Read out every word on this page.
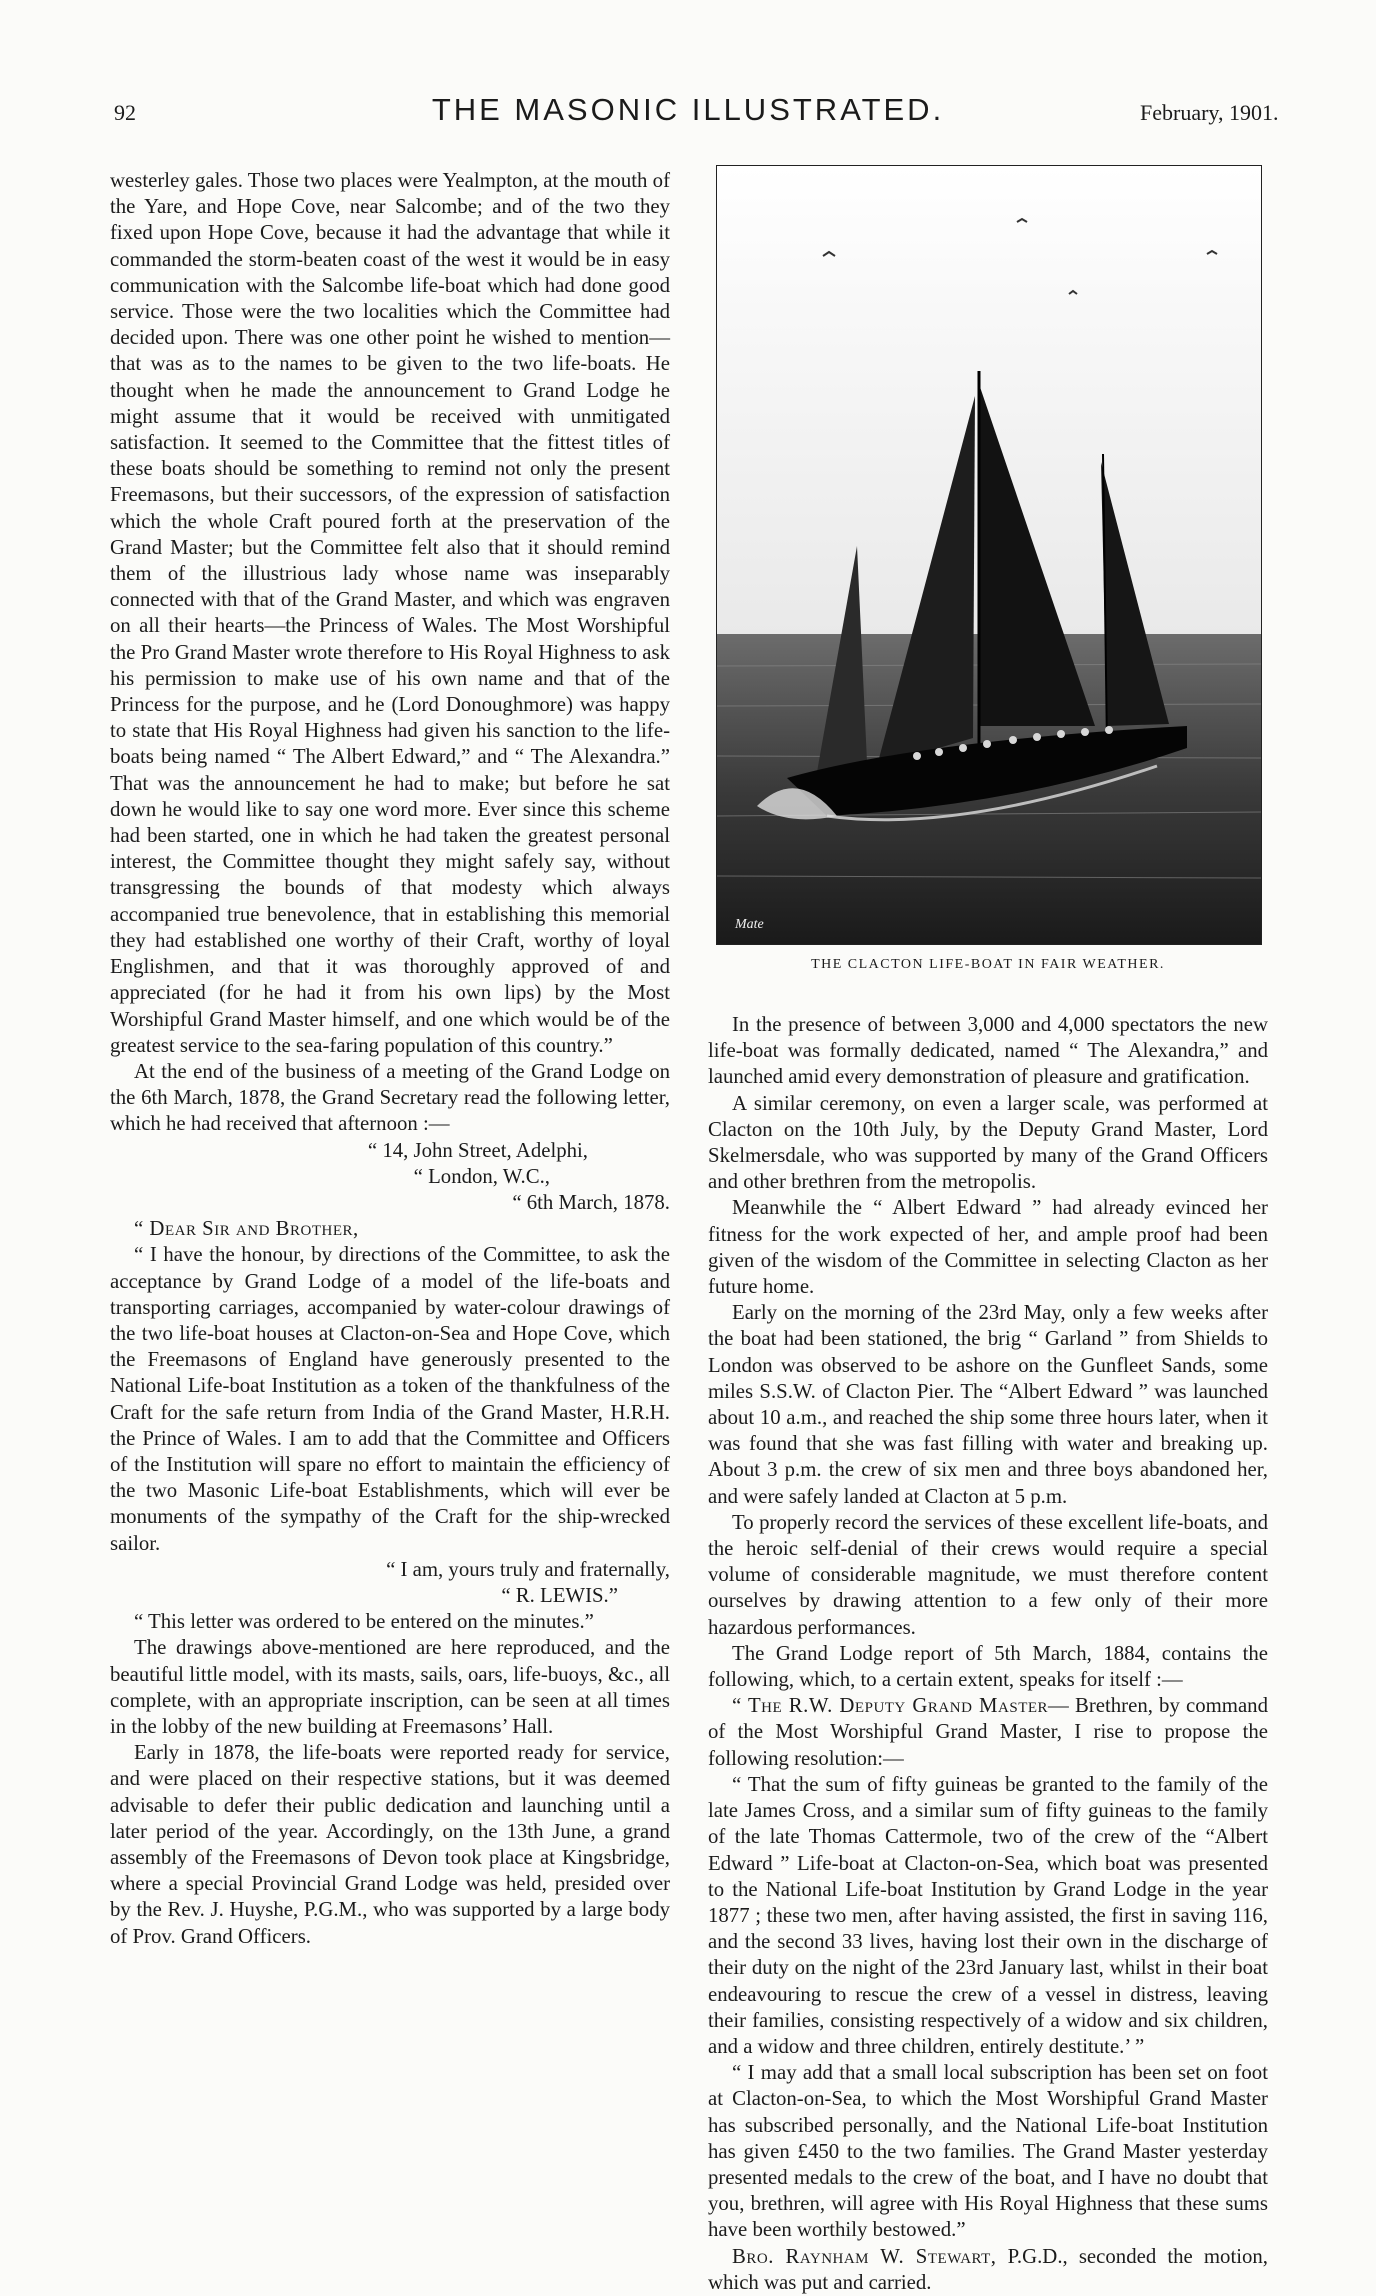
92	THE MASONIC ILLUSTRATED.	February, 1901.

westerley gales. Those two places were Yealmpton, at the mouth of the Yare, and Hope Cove, near Salcombe; and of the two they fixed upon Hope Cove, because it had the advantage that while it commanded the storm-beaten coast of the west it would be in easy communication with the Salcombe life-boat which had done good service. Those were the two localities which the Committee had decided upon. There was one other point he wished to mention—that was as to the names to be given to the two life-boats. He thought when he made the announcement to Grand Lodge he might assume that it would be received with unmitigated satisfaction. It seemed to the Committee that the fittest titles of these boats should be something to remind not only the present Freemasons, but their successors, of the expression of satisfaction which the whole Craft poured forth at the preservation of the Grand Master; but the Committee felt also that it should remind them of the illustrious lady whose name was inseparably connected with that of the Grand Master, and which was engraven on all their hearts—the Princess of Wales. The Most Worshipful the Pro Grand Master wrote therefore to His Royal Highness to ask his permission to make use of his own name and that of the Princess for the purpose, and he (Lord Donoughmore) was happy to state that His Royal Highness had given his sanction to the life-boats being named “ The Albert Edward,” and “ The Alexandra.” That was the announcement he had to make; but before he sat down he would like to say one word more. Ever since this scheme had been started, one in which he had taken the greatest personal interest, the Committee thought they might safely say, without transgressing the bounds of that modesty which always accompanied true benevolence, that in establishing this memorial they had established one worthy of their Craft, worthy of loyal Englishmen, and that it was thoroughly approved of and appreciated (for he had it from his own lips) by the Most Worshipful Grand Master himself, and one which would be of the greatest service to the sea-faring population of this country.”

At the end of the business of a meeting of the Grand Lodge on the 6th March, 1878, the Grand Secretary read the following letter, which he had received that afternoon :—

“ 14, John Street, Adelphi,

“ London, W.C.,

“ 6th March, 1878.

“ Dear Sir and Brother,

“ I have the honour, by directions of the Committee, to ask the acceptance by Grand Lodge of a model of the life-boats and transporting carriages, accompanied by water-colour drawings of the two life-boat houses at Clacton-on-Sea and Hope Cove, which the Freemasons of England have generously presented to the National Life-boat Institution as a token of the thankfulness of the Craft for the safe return from India of the Grand Master, H.R.H. the Prince of Wales. I am to add that the Committee and Officers of the Institution will spare no effort to maintain the efficiency of the two Masonic Life-boat Establishments, which will ever be monuments of the sympathy of the Craft for the ship-wrecked sailor.

“ I am, yours truly and fraternally,

“ R. LEWIS.”

“ This letter was ordered to be entered on the minutes.”

The drawings above-mentioned are here reproduced, and the beautiful little model, with its masts, sails, oars, life-buoys, &c., all complete, with an appropriate inscription, can be seen at all times in the lobby of the new building at Freemasons’ Hall.

Early in 1878, the life-boats were reported ready for service, and were placed on their respective stations, but it was deemed advisable to defer their public dedication and launching until a later period of the year. Accordingly, on the 13th June, a grand assembly of the Freemasons of Devon took place at Kingsbridge, where a special Provincial Grand Lodge was held, presided over by the Rev. J. Huyshe, P.G.M., who was supported by a large body of Prov. Grand Officers.

Mate
THE CLACTON LIFE-BOAT IN FAIR WEATHER.

In the presence of between 3,000 and 4,000 spectators the new life-boat was formally dedicated, named “ The Alexandra,” and launched amid every demonstration of pleasure and gratification.

A similar ceremony, on even a larger scale, was performed at Clacton on the 10th July, by the Deputy Grand Master, Lord Skelmersdale, who was supported by many of the Grand Officers and other brethren from the metropolis.

Meanwhile the “ Albert Edward ” had already evinced her fitness for the work expected of her, and ample proof had been given of the wisdom of the Committee in selecting Clacton as her future home.

Early on the morning of the 23rd May, only a few weeks after the boat had been stationed, the brig “ Garland ” from Shields to London was observed to be ashore on the Gunfleet Sands, some miles S.S.W. of Clacton Pier. The “Albert Edward ” was launched about 10 a.m., and reached the ship some three hours later, when it was found that she was fast filling with water and breaking up. About 3 p.m. the crew of six men and three boys abandoned her, and were safely landed at Clacton at 5 p.m.

To properly record the services of these excellent life-boats, and the heroic self-denial of their crews would require a special volume of considerable magnitude, we must therefore content ourselves by drawing attention to a few only of their more hazardous performances.

The Grand Lodge report of 5th March, 1884, contains the following, which, to a certain extent, speaks for itself :—

“ The R.W. Deputy Grand Master— Brethren, by command of the Most Worshipful Grand Master, I rise to propose the following resolution:—

“ That the sum of fifty guineas be granted to the family of the late James Cross, and a similar sum of fifty guineas to the family of the late Thomas Cattermole, two of the crew of the “Albert Edward ” Life-boat at Clacton-on-Sea, which boat was presented to the National Life-boat Institution by Grand Lodge in the year 1877 ; these two men, after having assisted, the first in saving 116, and the second 33 lives, having lost their own in the discharge of their duty on the night of the 23rd January last, whilst in their boat endeavouring to rescue the crew of a vessel in distress, leaving their families, consisting respectively of a widow and six children, and a widow and three children, entirely destitute.’ ”

“ I may add that a small local subscription has been set on foot at Clacton-on-Sea, to which the Most Worshipful Grand Master has subscribed personally, and the National Life-boat Institution has given £450 to the two families. The Grand Master yesterday presented medals to the crew of the boat, and I have no doubt that you, brethren, will agree with His Royal Highness that these sums have been worthily bestowed.”

Bro. Raynham W. Stewart, P.G.D., seconded the motion, which was put and carried.
